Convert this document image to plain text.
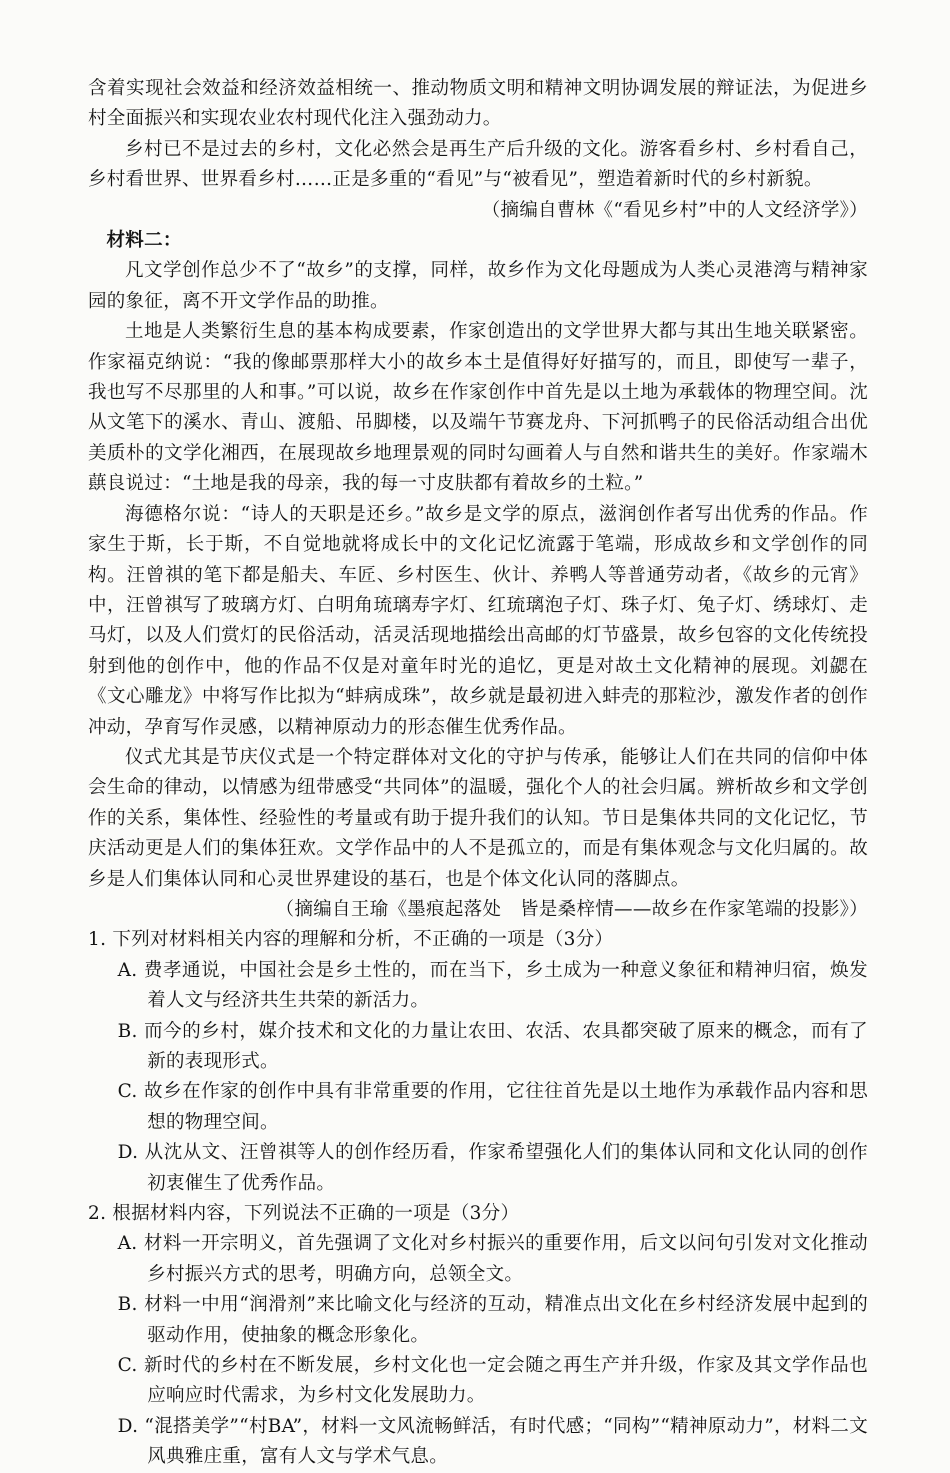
含着实现社会效益和经济效益相统一、推动物质文明和精神文明协调发展的辩证法，为促进乡村全面振兴和实现农业农村现代化注入强劲动力。

乡村已不是过去的乡村，文化必然会是再生产后升级的文化。游客看乡村、乡村看自己，乡村看世界、世界看乡村……正是多重的“看见”与“被看见”，塑造着新时代的乡村新貌。

（摘编自曹林《“看见乡村”中的人文经济学》）

材料二：

凡文学创作总少不了“故乡”的支撑，同样，故乡作为文化母题成为人类心灵港湾与精神家园的象征，离不开文学作品的助推。

土地是人类繁衍生息的基本构成要素，作家创造出的文学世界大都与其出生地关联紧密。作家福克纳说：“我的像邮票那样大小的故乡本土是值得好好描写的，而且，即使写一辈子，我也写不尽那里的人和事。”可以说，故乡在作家创作中首先是以土地为承载体的物理空间。沈从文笔下的溪水、青山、渡船、吊脚楼，以及端午节赛龙舟、下河抓鸭子的民俗活动组合出优美质朴的文学化湘西，在展现故乡地理景观的同时勾画着人与自然和谐共生的美好。作家端木蕻良说过：“土地是我的母亲，我的每一寸皮肤都有着故乡的土粒。”

海德格尔说：“诗人的天职是还乡。”故乡是文学的原点，滋润创作者写出优秀的作品。作家生于斯，长于斯，不自觉地就将成长中的文化记忆流露于笔端，形成故乡和文学创作的同构。汪曾祺的笔下都是船夫、车匠、乡村医生、伙计、养鸭人等普通劳动者，《故乡的元宵》中，汪曾祺写了玻璃方灯、白明角琉璃寿字灯、红琉璃泡子灯、珠子灯、兔子灯、绣球灯、走马灯，以及人们赏灯的民俗活动，活灵活现地描绘出高邮的灯节盛景，故乡包容的文化传统投射到他的创作中，他的作品不仅是对童年时光的追忆，更是对故土文化精神的展现。刘勰在《文心雕龙》中将写作比拟为“蚌病成珠”，故乡就是最初进入蚌壳的那粒沙，激发作者的创作冲动，孕育写作灵感，以精神原动力的形态催生优秀作品。

仪式尤其是节庆仪式是一个特定群体对文化的守护与传承，能够让人们在共同的信仰中体会生命的律动，以情感为纽带感受“共同体”的温暖，强化个人的社会归属。辨析故乡和文学创作的关系，集体性、经验性的考量或有助于提升我们的认知。节日是集体共同的文化记忆，节庆活动更是人们的集体狂欢。文学作品中的人不是孤立的，而是有集体观念与文化归属的。故乡是人们集体认同和心灵世界建设的基石，也是个体文化认同的落脚点。

（摘编自王瑜《墨痕起落处　皆是桑梓情——故乡在作家笔端的投影》）

1. 下列对材料相关内容的理解和分析，不正确的一项是（3分）

A. 费孝通说，中国社会是乡土性的，而在当下，乡土成为一种意义象征和精神归宿，焕发着人文与经济共生共荣的新活力。

B. 而今的乡村，媒介技术和文化的力量让农田、农活、农具都突破了原来的概念，而有了新的表现形式。

C. 故乡在作家的创作中具有非常重要的作用，它往往首先是以土地作为承载作品内容和思想的物理空间。

D. 从沈从文、汪曾祺等人的创作经历看，作家希望强化人们的集体认同和文化认同的创作初衷催生了优秀作品。

2. 根据材料内容，下列说法不正确的一项是（3分）

A. 材料一开宗明义，首先强调了文化对乡村振兴的重要作用，后文以问句引发对文化推动乡村振兴方式的思考，明确方向，总领全文。

B. 材料一中用“润滑剂”来比喻文化与经济的互动，精准点出文化在乡村经济发展中起到的驱动作用，使抽象的概念形象化。

C. 新时代的乡村在不断发展，乡村文化也一定会随之再生产并升级，作家及其文学作品也应响应时代需求，为乡村文化发展助力。

D. “混搭美学”“村BA”，材料一文风流畅鲜活，有时代感；“同构”“精神原动力”，材料二文风典雅庄重，富有人文与学术气息。
